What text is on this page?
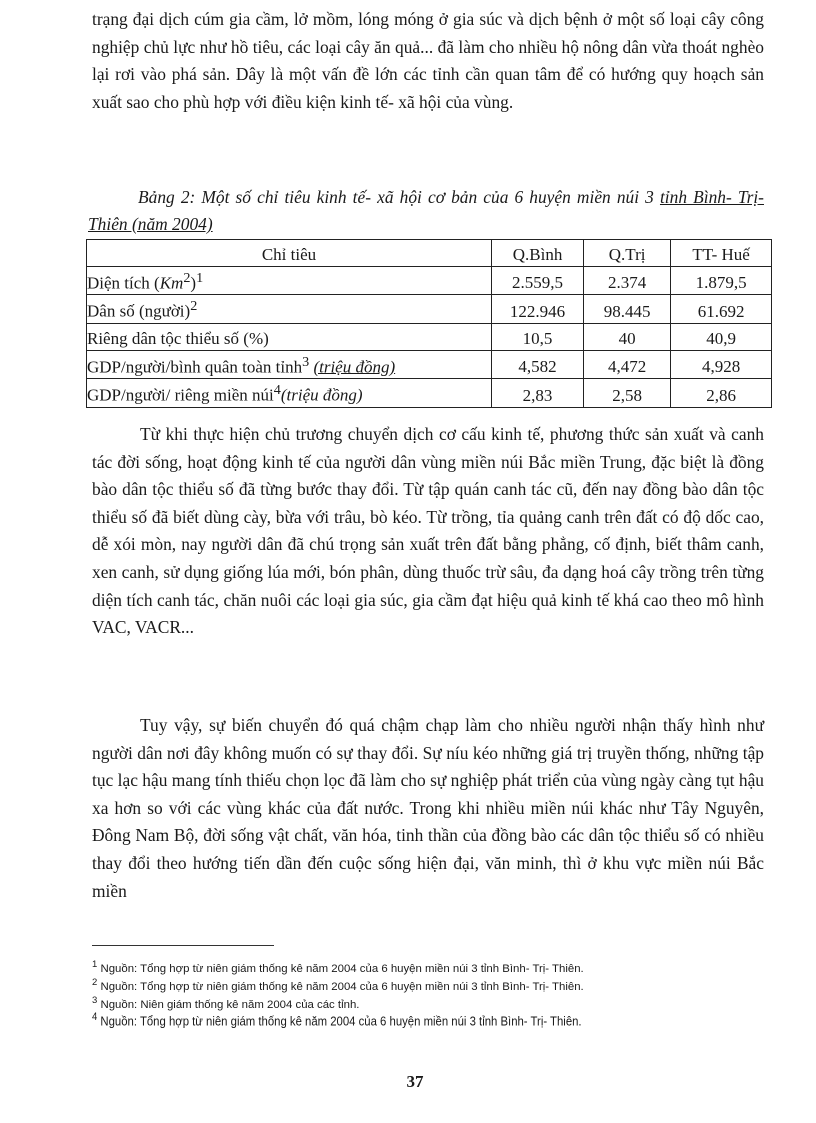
trạng đại dịch cúm gia cầm, lở mồm, lóng móng ở gia súc và dịch bệnh ở một số loại cây công nghiệp chủ lực như hồ tiêu, các loại cây ăn quả... đã làm cho nhiều hộ nông dân vừa thoát nghèo lại rơi vào phá sản. Dây là một vấn đề lớn các tỉnh cần quan tâm để có hướng quy hoạch sản xuất sao cho phù hợp với điều kiện kinh tế- xã hội của vùng.

Bảng 2: Một số chỉ tiêu kinh tế- xã hội cơ bản của 6 huyện miền núi 3 tỉnh Bình- Trị- Thiên (năm 2004)

Chỉ tiêu	Q.Bình	Q.Trị	TT- Huế
Diện tích $(Km^2)^1$	2.559,5	2.374	1.879,5
Dân số (người)$^2$	122.946	98.445	61.692
Riêng dân tộc thiểu số (%)	10,5	40	40,9
GDP/người/bình quân toàn tỉnh$^3$ (triệu đồng)	4,582	4,472	4,928
GDP/người/ riêng miền núi$^4$(triệu đồng)	2,83	2,58	2,86

Từ khi thực hiện chủ trương chuyển dịch cơ cấu kinh tế, phương thức sản xuất và canh tác đời sống, hoạt động kinh tế của người dân vùng miền núi Bắc miền Trung, đặc biệt là đồng bào dân tộc thiểu số đã từng bước thay đổi. Từ tập quán canh tác cũ, đến nay đồng bào dân tộc thiểu số đã biết dùng cày, bừa với trâu, bò kéo. Từ trồng, tỉa quảng canh trên đất có độ dốc cao, dễ xói mòn, nay người dân đã chú trọng sản xuất trên đất bằng phẳng, cố định, biết thâm canh, xen canh, sử dụng giống lúa mới, bón phân, dùng thuốc trừ sâu, đa dạng hoá cây trồng trên từng diện tích canh tác, chăn nuôi các loại gia súc, gia cầm đạt hiệu quả kinh tế khá cao theo mô hình VAC, VACR...

Tuy vậy, sự biến chuyển đó quá chậm chạp làm cho nhiều người nhận thấy hình như người dân nơi đây không muốn có sự thay đổi. Sự níu kéo những giá trị truyền thống, những tập tục lạc hậu mang tính thiếu chọn lọc đã làm cho sự nghiệp phát triển của vùng ngày càng tụt hậu xa hơn so với các vùng khác của đất nước. Trong khi nhiều miền núi khác như Tây Nguyên, Đông Nam Bộ, đời sống vật chất, văn hóa, tinh thần của đồng bào các dân tộc thiểu số có nhiều thay đổi theo hướng tiến dần đến cuộc sống hiện đại, văn minh, thì ở khu vực miền núi Bắc miền

$^1$ Nguồn: Tổng hợp từ niên giám thống kê năm 2004 của 6 huyện miền núi 3 tỉnh Bình- Trị- Thiên.

$^2$ Nguồn: Tổng hợp từ niên giám thống kê năm 2004 của 6 huyện miền núi 3 tỉnh Bình- Trị- Thiên.

$^3$ Nguồn: Niên giám thống kê năm 2004 của các tỉnh.

$^4$ Nguồn: Tổng hợp từ niên giám thống kê năm 2004 của 6 huyện miền núi 3 tỉnh Bình- Trị- Thiên.

37
